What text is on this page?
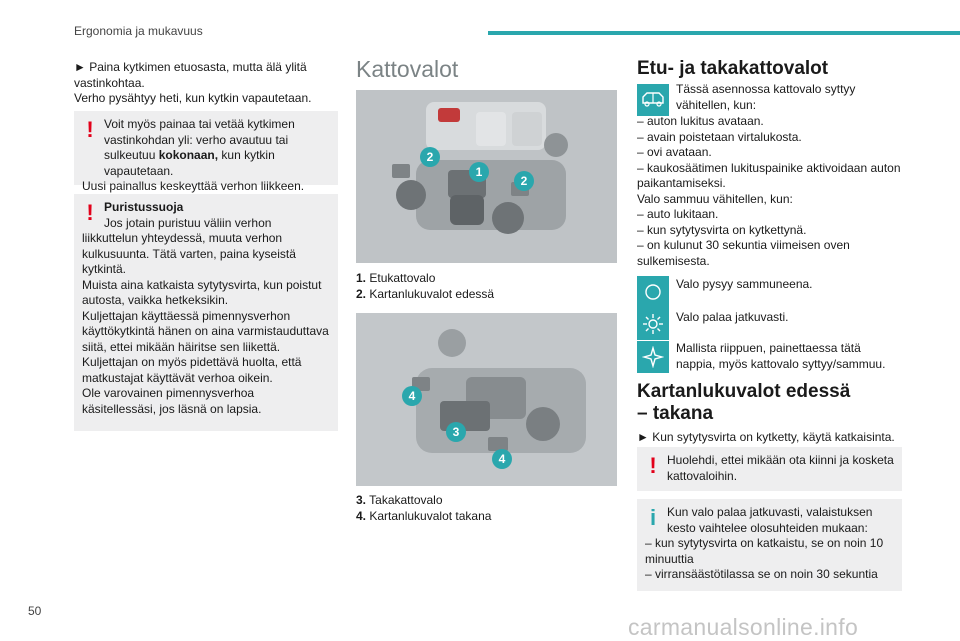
Ergonomia ja mukavuus

► Paina kytkimen etuosasta, mutta älä ylitä vastinkohtaa.
Verho pysähtyy heti, kun kytkin vapautetaan.

! Voit myös painaa tai vetää kytkimen vastinkohdan yli: verho avautuu tai sulkeutuu kokonaan, kun kytkin vapautetaan.
Uusi painallus keskeyttää verhon liikkeen.
! Puristussuoja
Jos jotain puristuu väliin verhon liikkuttelun yhteydessä, muuta verhon kulkusuunta. Tätä varten, paina kyseistä kytkintä.
Muista aina katkaista sytytysvirta, kun poistut autosta, vaikka hetkeksikin.
Kuljettajan käyttäessä pimennysverhon käyttökytkintä hänen on aina varmistauduttava siitä, ettei mikään häiritse sen liikettä.
Kuljettajan on myös pidettävä huolta, että matkustajat käyttävät verhoa oikein.
Ole varovainen pimennysverhoa käsitellessäsi, jos läsnä on lapsia.
Kattovalot
2
1
2
1. Etukattovalo
2. Kartanlukuvalot edessä
4
3
4
3. Takakattovalo
4. Kartanlukuvalot takana
Etu- ja takakattovalot

Tässä asennossa kattovalo syttyy vähitellen, kun:

– auton lukitus avataan.
– avain poistetaan virtalukosta.
– ovi avataan.
– kaukosäätimen lukituspainike aktivoidaan auton paikantamiseksi.
Valo sammuu vähitellen, kun:
– auto lukitaan.
– kun sytytysvirta on kytkettynä.
– on kulunut 30 sekuntia viimeisen oven sulkemisesta.

Valo pysyy sammuneena.

Valo palaa jatkuvasti.

Mallista riippuen, painettaessa tätä nappia, myös kattovalo syttyy/sammuu.

Kartanlukuvalot edessä
– takana

► Kun sytytysvirta on kytketty, käytä katkaisinta.

! Huolehdi, ettei mikään ota kiinni ja kosketa kattovaloihin.
i Kun valo palaa jatkuvasti, valaistuksen kesto vaihtelee olosuhteiden mukaan:
– kun sytytysvirta on katkaistu, se on noin 10 minuuttia
– virransäästötilassa se on noin 30 sekuntia
50
carmanualsonline.info
